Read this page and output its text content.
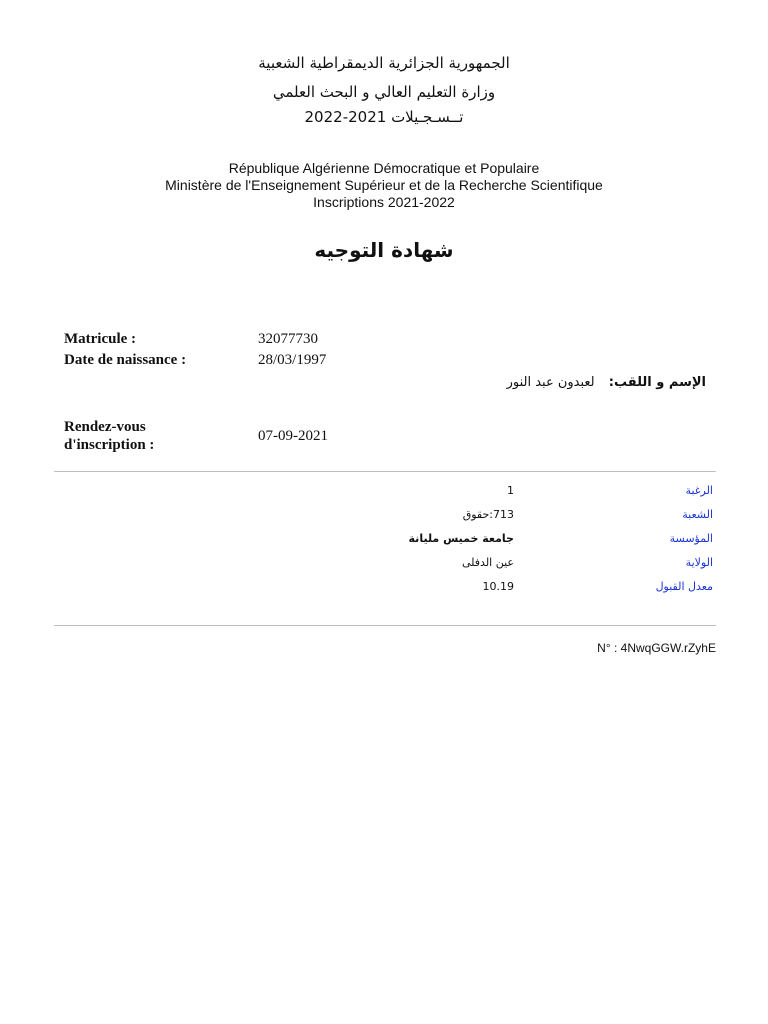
الجمهورية الجزائرية الديمقراطية الشعبية
وزارة التعليم العالي و البحث العلمي
تــسـجـيلات 2021-2022
République Algérienne Démocratique et Populaire
Ministère de l'Enseignement Supérieur et de la Recherche Scientifique
Inscriptions 2021-2022
شهادة التوجيه
Matricule :	32077730
Date de naissance :	28/03/1997
الإسم و اللقب: لعبدون عبد النور
Rendez-vous
d'inscription :
07-09-2021
الرغبة
1
الشعبة
713:حقوق
المؤسسة
جامعة خميس مليانة
الولاية
عين الدفلى
معدل القبول
10.19
N° : 4NwqGGW.rZyhE
